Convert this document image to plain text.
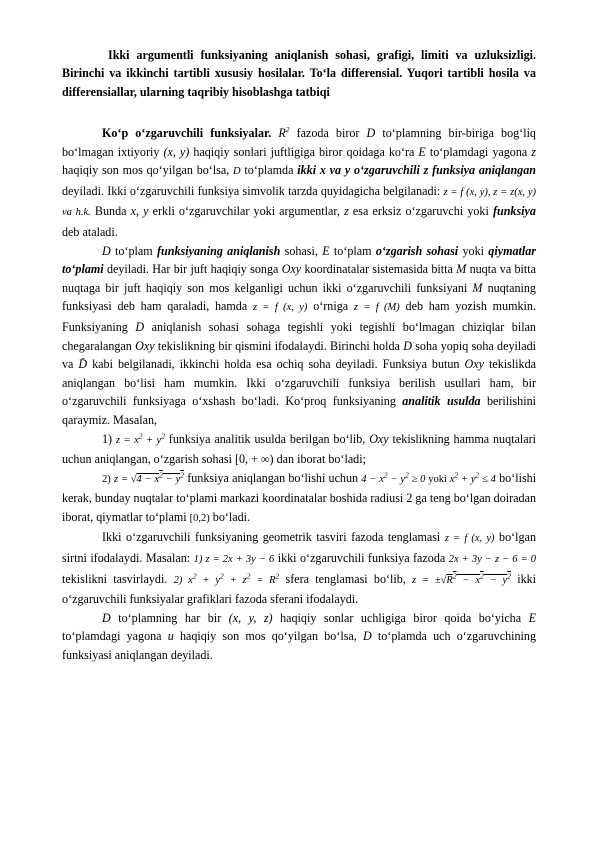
Ikki argumentli funksiyaning aniqlanish sohasi, grafigi, limiti va uzluksizligi. Birinchi va ikkinchi tartibli xususiy hosilalar. To‘la differensial. Yuqori tartibli hosila va differensiallar, ularning taqribiy hisoblashga tatbiqi

Ko‘p o‘zgaruvchili funksiyalar. $R^2$ fazoda biror D to‘plamning bir-biriga bog‘liq bo‘lmagan ixtiyoriy (x, y) haqiqiy sonlari juftligiga biror qoidaga ko‘ra E to‘plamdagi yagona z haqiqiy son mos qo‘yilgan bo‘lsa, D to‘plamda ikki x va y o‘zgaruvchili z funksiya aniqlangan deyiladi. Ikki o‘zgaruvchili funksiya simvolik tarzda quyidagicha belgilanadi: z = f (x, y), z = z(x, y) va h.k. Bunda x, y erkli o‘zgaruvchilar yoki argumentlar, z esa erksiz o‘zgaruvchi yoki funksiya deb ataladi.

D to‘plam funksiyaning aniqlanish sohasi, E to‘plam o‘zgarish sohasi yoki qiymatlar to‘plami deyiladi. Har bir juft haqiqiy songa Oxy koordinatalar sistemasida bitta M nuqta va bitta nuqtaga bir juft haqiqiy son mos kelganligi uchun ikki o‘zgaruvchili funksiyani M nuqtaning funksiyasi deb ham qaraladi, hamda z = f (x, y) o‘rniga z = f (M) deb ham yozish mumkin. Funksiyaning D aniqlanish sohasi sohaga tegishli yoki tegishli bo‘lmagan chiziqlar bilan chegaralangan Oxy tekislikning bir qismini ifodalaydi. Birinchi holda D soha yopiq soha deyiladi va D̄ kabi belgilanadi, ikkinchi holda esa ochiq soha deyiladi. Funksiya butun Oxy tekislikda aniqlangan bo‘lisi ham mumkin. Ikki o‘zgaruvchili funksiya berilish usullari ham, bir o‘zgaruvchili funksiyaga o‘xshash bo‘ladi. Ko‘proq funksiyaning analitik usulda berilishini qaraymiz. Masalan,

1) $z = x^2 + y^2$ funksiya analitik usulda berilgan bo‘lib, Oxy tekislikning hamma nuqtalari uchun aniqlangan, o‘zgarish sohasi [0, + ∞) dan iborat bo‘ladi;

2) $z = √4 - x^2 - y^2$ funksiya aniqlangan bo‘lishi uchun $4 - x^2 - y^2 \ge 0$ yoki $x^2 + y^2 \le 4$ bo‘lishi kerak, bunday nuqtalar to‘plami markazi koordinatalar boshida radiusi 2 ga teng bo‘lgan doiradan iborat, qiymatlar to‘plami [0,2) bo‘ladi.

Ikki o‘zgaruvchili funksiyaning geometrik tasviri fazoda tenglamasi z = f (x, y) bo‘lgan sirtni ifodalaydi. Masalan: 1) z = 2x + 3y − 6 ikki o‘zgaruvchili funksiya fazoda 2x + 3y − z − 6 = 0 tekislikni tasvirlaydi. 2) $x^2 + y^2 + z^2 = R^2$ sfera tenglamasi bo‘lib, $z = \pm√R^2 - x^2 - y^2$ ikki o‘zgaruvchili funksiyalar grafiklari fazoda sferani ifodalaydi.

D to‘plamning har bir (x, y, z) haqiqiy sonlar uchligiga biror qoida bo‘yicha E to‘plamdagi yagona u haqiqiy son mos qo‘yilgan bo‘lsa, D to‘plamda uch o‘zgaruvchining funksiyasi aniqlangan deyiladi.
